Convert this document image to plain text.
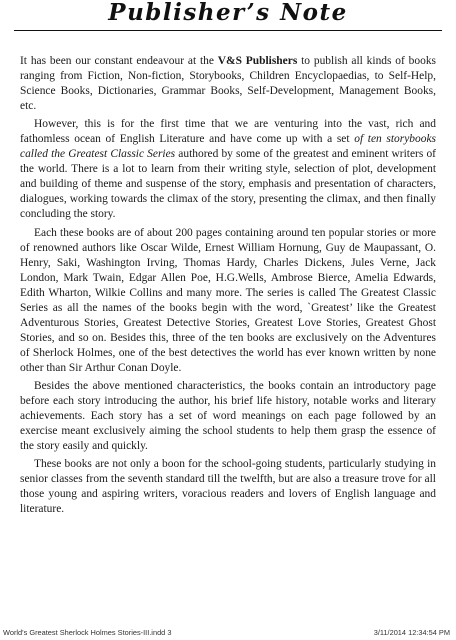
Publisher’s Note

It has been our constant endeavour at the V&S Publishers to publish all kinds of books ranging from Fiction, Non-fiction, Storybooks, Children Encyclopaedias, to Self-Help, Science Books, Dictionaries, Grammar Books, Self-Development, Management Books, etc.

However, this is for the first time that we are venturing into the vast, rich and fathomless ocean of English Literature and have come up with a set of ten storybooks called the Greatest Classic Series authored by some of the greatest and eminent writers of the world. There is a lot to learn from their writing style, selection of plot, development and building of theme and suspense of the story, emphasis and presentation of characters, dialogues, working towards the climax of the story, presenting the climax, and then finally concluding the story.

Each these books are of about 200 pages containing around ten popular stories or more of renowned authors like Oscar Wilde, Ernest William Hornung, Guy de Maupassant, O. Henry, Saki, Washington Irving, Thomas Hardy, Charles Dickens, Jules Verne, Jack London, Mark Twain, Edgar Allen Poe, H.G.Wells, Ambrose Bierce, Amelia Edwards, Edith Wharton, Wilkie Collins and many more. The series is called The Greatest Classic Series as all the names of the books begin with the word, `Greatest’ like the Greatest Adventurous Stories, Greatest Detective Stories, Greatest Love Stories, Greatest Ghost Stories, and so on. Besides this, three of the ten books are exclusively on the Adventures of Sherlock Holmes, one of the best detectives the world has ever known written by none other than Sir Arthur Conan Doyle.

Besides the above mentioned characteristics, the books contain an introductory page before each story introducing the author, his brief life history, notable works and literary achievements. Each story has a set of word meanings on each page followed by an exercise meant exclusively aiming the school students to help them grasp the essence of the story easily and quickly.

These books are not only a boon for the school-going students, particularly studying in senior classes from the seventh standard till the twelfth, but are also a treasure trove for all those young and aspiring writers, voracious readers and lovers of English language and literature.

World's Greatest Sherlock Holmes Stories-III.indd 3	3/11/2014 12:34:54 PM
